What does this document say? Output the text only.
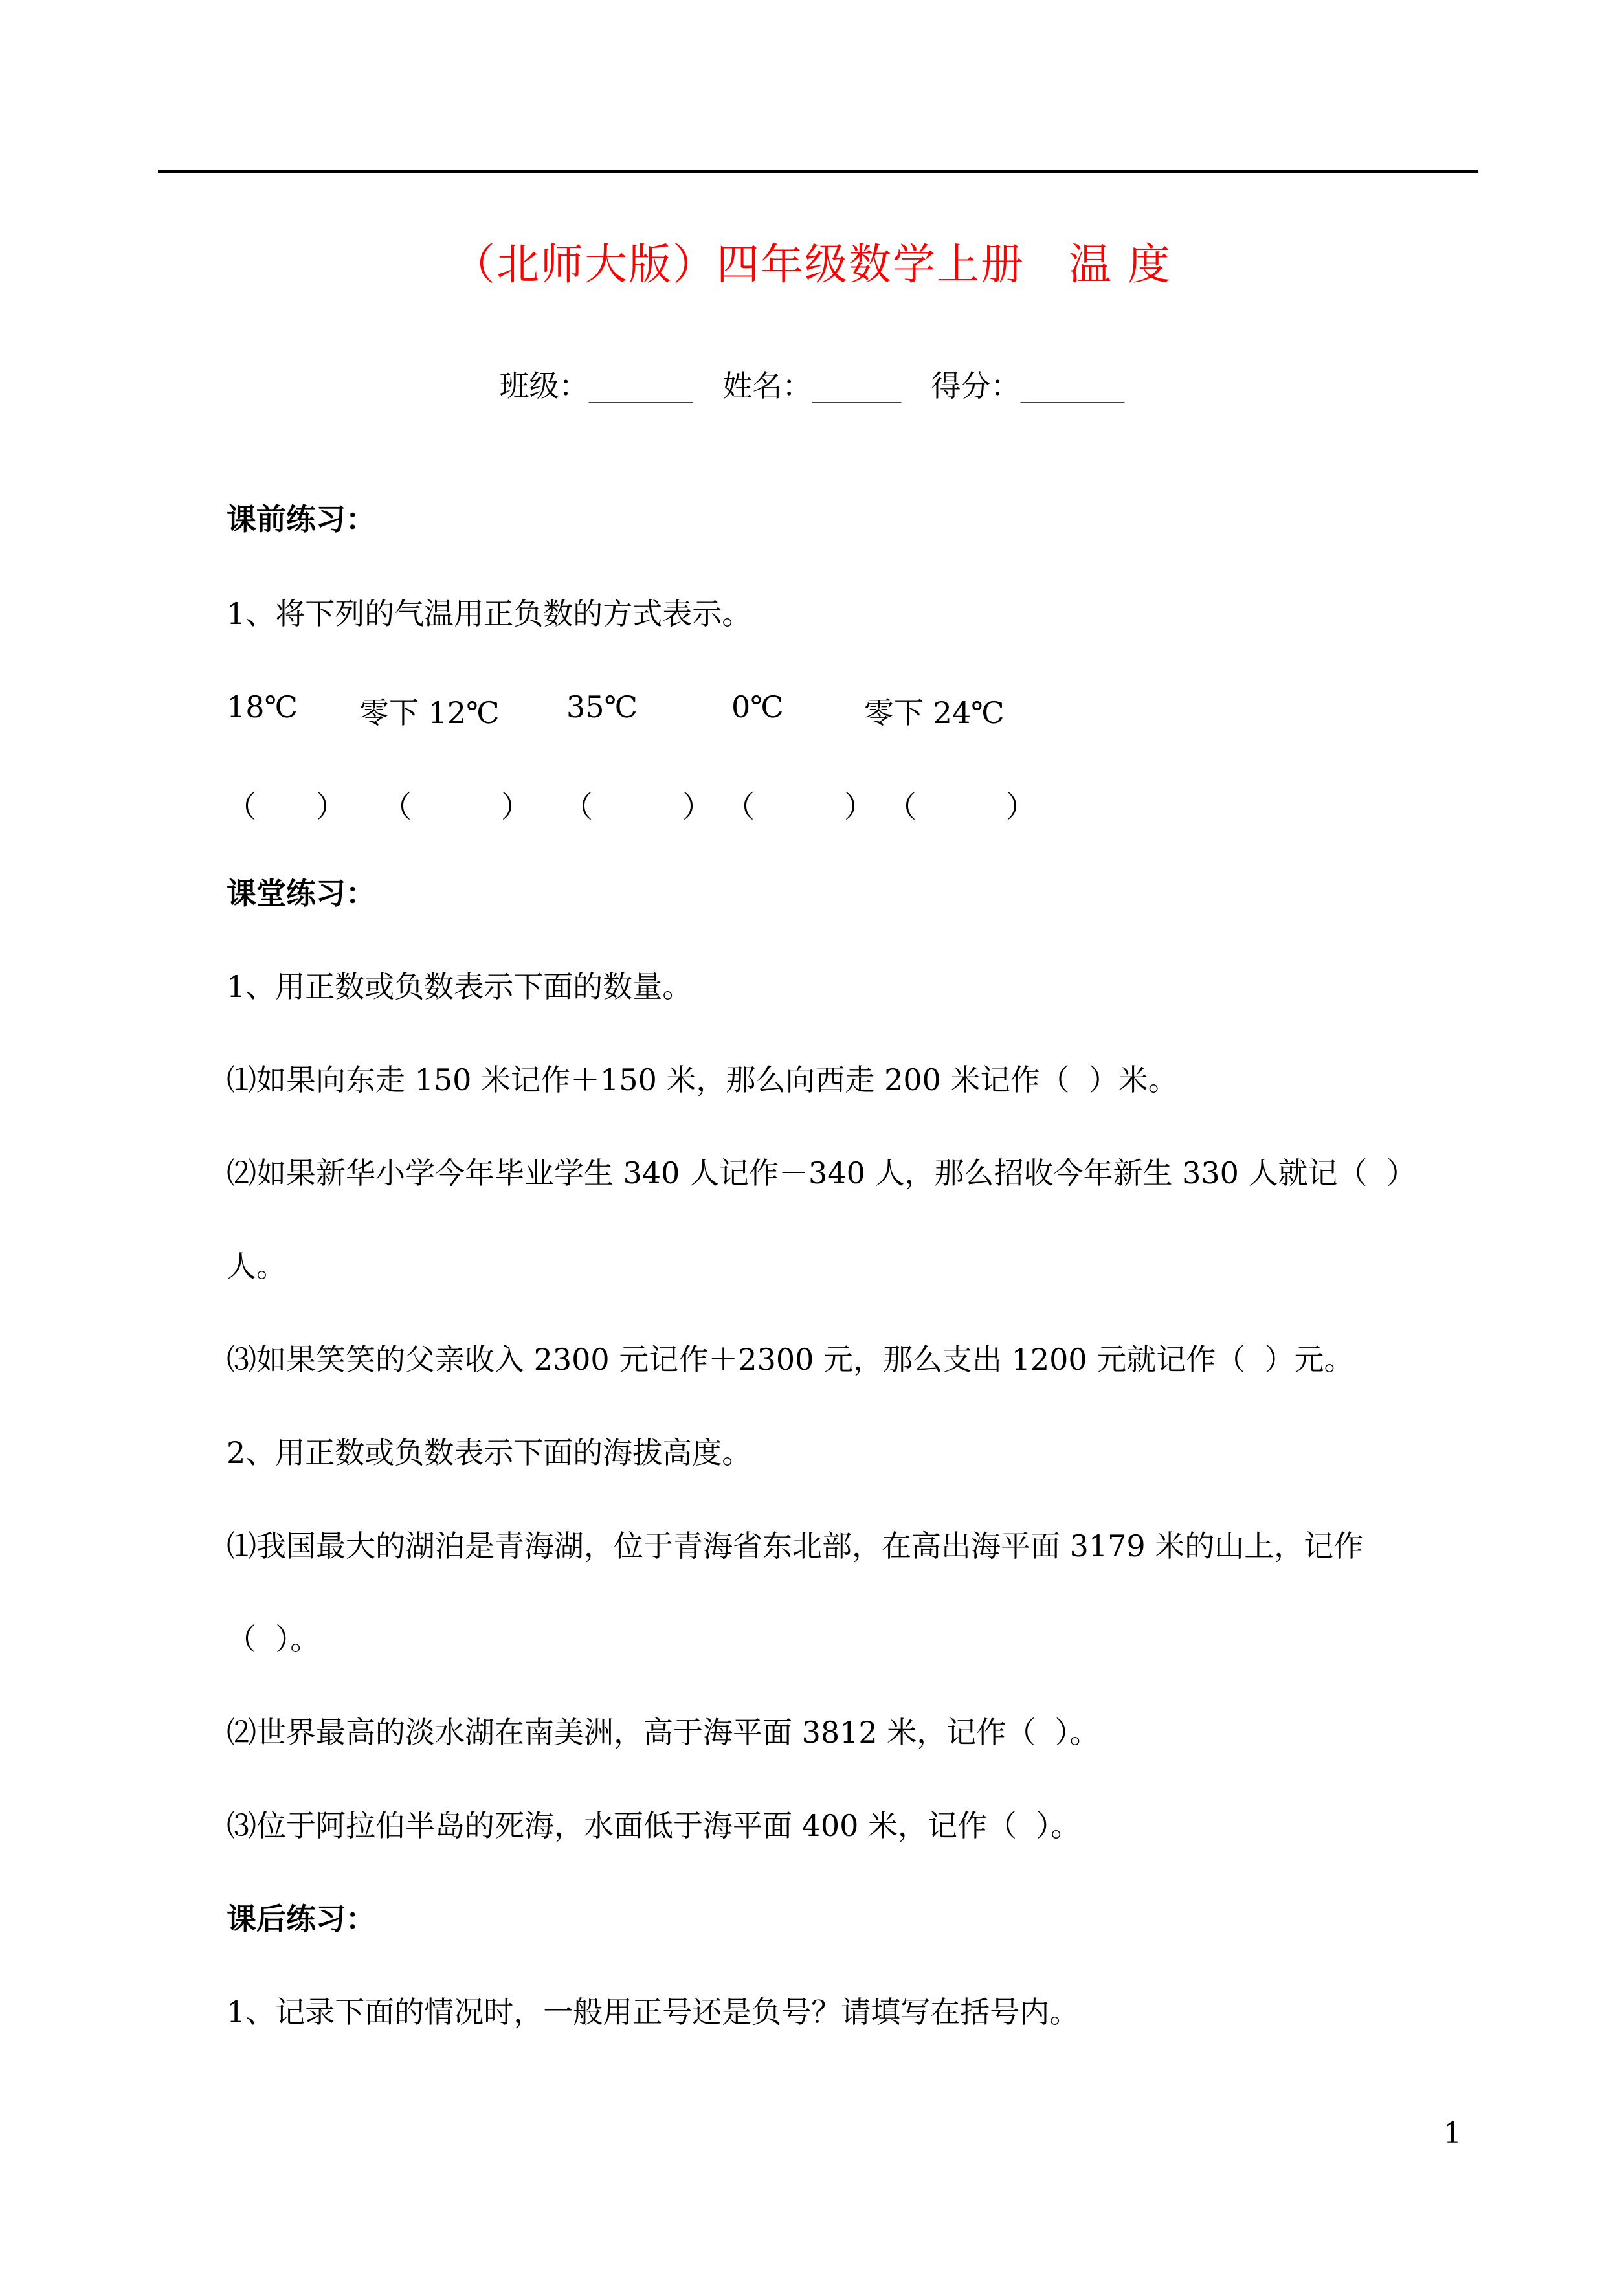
（北师大版）四年级数学上册　温 度
班级：_______　姓名：______　得分：_______
课前练习：
1、将下列的气温用正负数的方式表示。
18℃ 零下 12℃ 35℃	0℃	零下 24℃
（　　） （　　　） （　　　） （　　　） （　　　）
课堂练习：
1、用正数或负数表示下面的数量。
⑴如果向东走 150 米记作＋150 米，那么向西走 200 米记作（  ）米。
⑵如果新华小学今年毕业学生 340 人记作－340 人，那么招收今年新生 330 人就记（  ）
人。
⑶如果笑笑的父亲收入 2300 元记作＋2300 元，那么支出 1200 元就记作（  ）元。
2、用正数或负数表示下面的海拔高度。
⑴我国最大的湖泊是青海湖，位于青海省东北部，在高出海平面 3179 米的山上，记作
（  ）。
⑵世界最高的淡水湖在南美洲，高于海平面 3812 米，记作（  ）。
⑶位于阿拉伯半岛的死海，水面低于海平面 400 米，记作（  ）。
课后练习：
1、记录下面的情况时，一般用正号还是负号？请填写在括号内。
1
